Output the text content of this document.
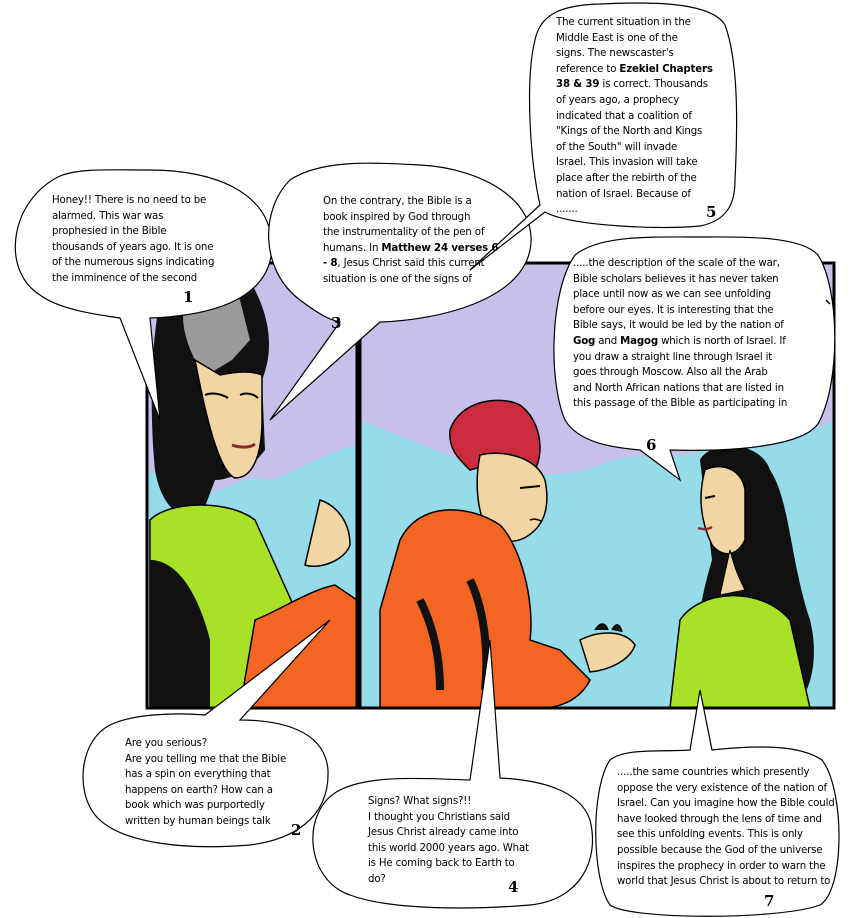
Honey!! There is no need to be
alarmed. This war was
prophesied in the Bible
thousands of years ago. It is one
of the numerous signs indicating
the imminence of the second
1
Are you serious?
Are you telling me that the Bible
has a spin on everything that
happens on earth? How can a
book which was purportedly
written by human beings talk	2
On the contrary, the Bible is a
book inspired by God through
the instrumentality of the pen of
humans. In Matthew 24 verses 6
- 8, Jesus Christ said this current
situation is one of the signs of
3
Signs? What signs?!!
I thought you Christians said
Jesus Christ already came into
this world 2000 years ago. What
is He coming back to Earth to
do?	4
The current situation in the
Middle East is one of the
signs. The newscaster's
reference to Ezekiel Chapters
38 & 39 is correct. Thousands
of years ago, a prophecy
indicated that a coalition of
"Kings of the North and Kings
of the South" will invade
Israel. This invasion will take
place after the rebirth of the
nation of Israel. Because of
.......	5
.....the description of the scale of the war,
Bible scholars believes it has never taken
place until now as we can see unfolding
before our eyes. It is interesting that the
Bible says, it would be led by the nation of
Gog and Magog which is north of Israel. If
you draw a straight line through Israel it
goes through Moscow. Also all the Arab
and North African nations that are listed in
this passage of the Bible as participating in
6
.....the same countries which presently
oppose the very existence of the nation of
Israel. Can you imagine how the Bible could
have looked through the lens of time and
see this unfolding events. This is only
possible because the God of the universe
inspires the prophecy in order to warn the
world that Jesus Christ is about to return to
7
